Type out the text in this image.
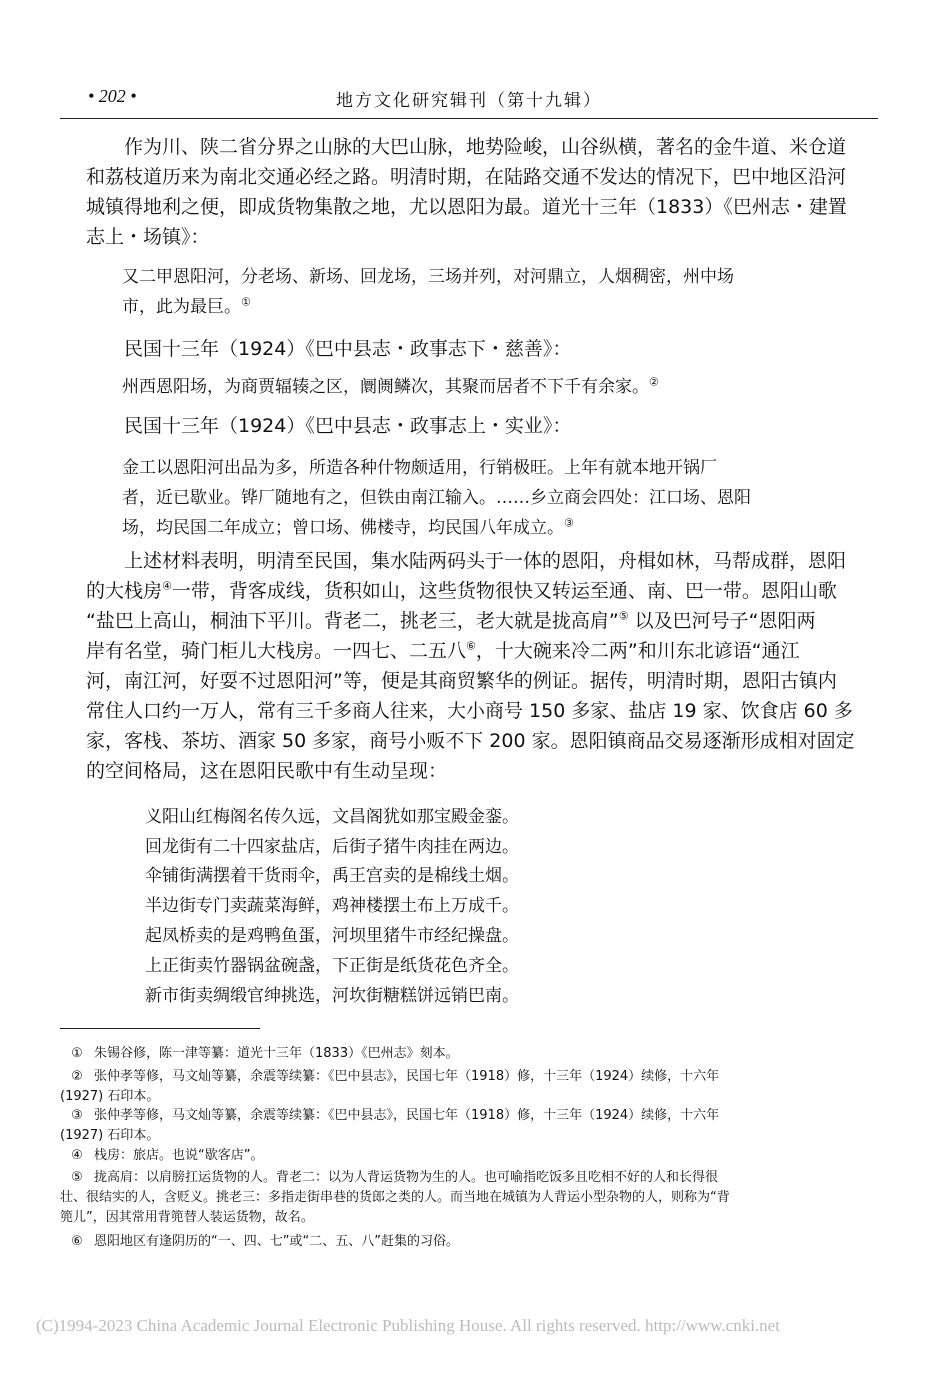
• 202 •	地方文化研究辑刊（第十九辑）
作为川、陕二省分界之山脉的大巴山脉，地势险峻，山谷纵横，著名的金牛道、米仓道
和荔枝道历来为南北交通必经之路。明清时期，在陆路交通不发达的情况下，巴中地区沿河
城镇得地利之便，即成货物集散之地，尤以恩阳为最。道光十三年（1833）《巴州志・建置
志上・场镇》：
又二甲恩阳河，分老场、新场、回龙场，三场并列，对河鼎立，人烟稠密，州中场
市，此为最巨。①
民国十三年（1924）《巴中县志・政事志下・慈善》：
州西恩阳场，为商贾辐辏之区，阛阓鳞次，其聚而居者不下千有余家。②
民国十三年（1924）《巴中县志・政事志上・实业》：
金工以恩阳河出品为多，所造各种什物颇适用，行销极旺。上年有就本地开锅厂
者，近已歇业。铧厂随地有之，但铁由南江输入。……乡立商会四处：江口场、恩阳
场，均民国二年成立；曾口场、佛楼寺，均民国八年成立。③
上述材料表明，明清至民国，集水陆两码头于一体的恩阳，舟楫如林，马帮成群，恩阳
的大栈房④一带，背客成线，货积如山，这些货物很快又转运至通、南、巴一带。恩阳山歌
“盐巴上高山，桐油下平川。背老二，挑老三，老大就是拢高肩”⑤ 以及巴河号子“恩阳两
岸有名堂，骑门柜儿大栈房。一四七、二五八⑥，十大碗来冷二两”和川东北谚语“通江
河，南江河，好耍不过恩阳河”等，便是其商贸繁华的例证。据传，明清时期，恩阳古镇内
常住人口约一万人，常有三千多商人往来，大小商号 150 多家、盐店 19 家、饮食店 60 多
家，客栈、茶坊、酒家 50 多家，商号小贩不下 200 家。恩阳镇商品交易逐渐形成相对固定
的空间格局，这在恩阳民歌中有生动呈现：
义阳山红梅阁名传久远，文昌阁犹如那宝殿金銮。
回龙街有二十四家盐店，后街子猪牛肉挂在两边。
伞铺街满摆着干货雨伞，禹王宫卖的是棉线土烟。
半边街专门卖蔬菜海鲜，鸡神楼摆土布上万成千。
起凤桥卖的是鸡鸭鱼蛋，河坝里猪牛市经纪操盘。
上正街卖竹器锅盆碗盏，下正街是纸货花色齐全。
新市街卖绸缎官绅挑选，河坎街糖糕饼远销巴南。
① 朱锡谷修，陈一津等纂：道光十三年（1833）《巴州志》刻本。
② 张仲孝等修，马文灿等纂，余震等续纂：《巴中县志》，民国七年（1918）修，十三年（1924）续修，十六年
(1927) 石印本。
③ 张仲孝等修，马文灿等纂，余震等续纂：《巴中县志》，民国七年（1918）修，十三年（1924）续修，十六年
(1927) 石印本。
④ 栈房：旅店。也说“歇客店”。
⑤ 拢高肩：以肩膀扛运货物的人。背老二：以为人背运货物为生的人。也可喻指吃饭多且吃相不好的人和长得很
壮、很结实的人，含贬义。挑老三：多指走街串巷的货郎之类的人。而当地在城镇为人背运小型杂物的人，则称为“背
篼儿”，因其常用背篼替人装运货物，故名。
⑥ 恩阳地区有逢阴历的“一、四、七”或“二、五、八”赶集的习俗。
(C)1994-2023 China Academic Journal Electronic Publishing House. All rights reserved. http://www.cnki.net
